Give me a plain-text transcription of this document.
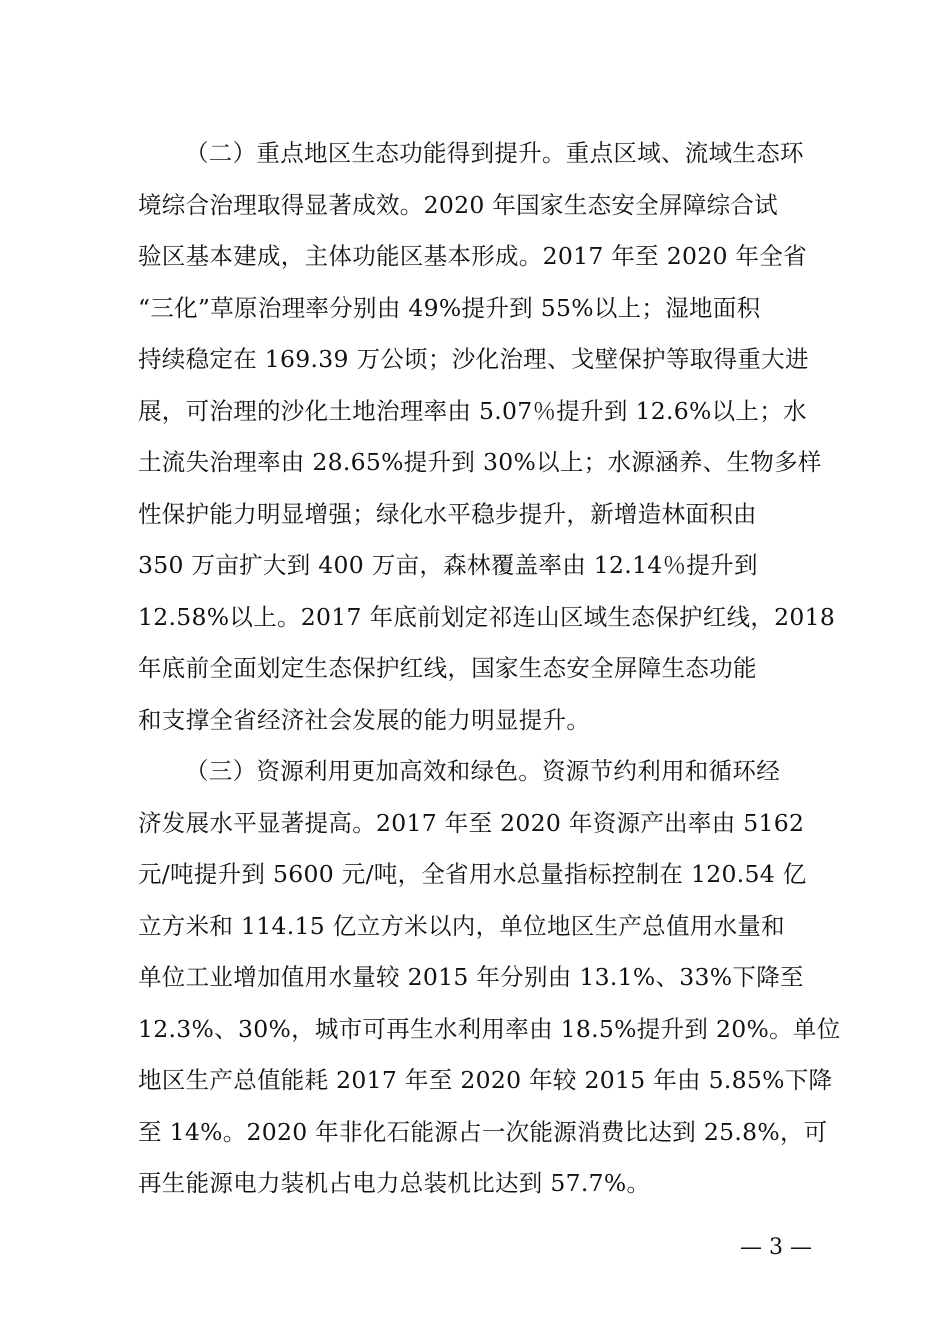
（二）重点地区生态功能得到提升。重点区域、流域生态环
境综合治理取得显著成效。2020 年国家生态安全屏障综合试
验区基本建成，主体功能区基本形成。2017 年至 2020 年全省
“三化”草原治理率分别由 49%提升到 55%以上；湿地面积
持续稳定在 169.39 万公顷；沙化治理、戈壁保护等取得重大进
展，可治理的沙化土地治理率由 5.07％提升到 12.6%以上；水
土流失治理率由 28.65%提升到 30%以上；水源涵养、生物多样
性保护能力明显增强；绿化水平稳步提升，新增造林面积由
350 万亩扩大到 400 万亩，森林覆盖率由 12.14％提升到
12.58%以上。2017 年底前划定祁连山区域生态保护红线，2018
年底前全面划定生态保护红线，国家生态安全屏障生态功能
和支撑全省经济社会发展的能力明显提升。

（三）资源利用更加高效和绿色。资源节约利用和循环经
济发展水平显著提高。2017 年至 2020 年资源产出率由 5162
元/吨提升到 5600 元/吨，全省用水总量指标控制在 120.54 亿
立方米和 114.15 亿立方米以内，单位地区生产总值用水量和
单位工业增加值用水量较 2015 年分别由 13.1%、33%下降至
12.3%、30%，城市可再生水利用率由 18.5%提升到 20%。单位
地区生产总值能耗 2017 年至 2020 年较 2015 年由 5.85%下降
至 14%。2020 年非化石能源占一次能源消费比达到 25.8%，可
再生能源电力装机占电力总装机比达到 57.7%。

— 3 —
